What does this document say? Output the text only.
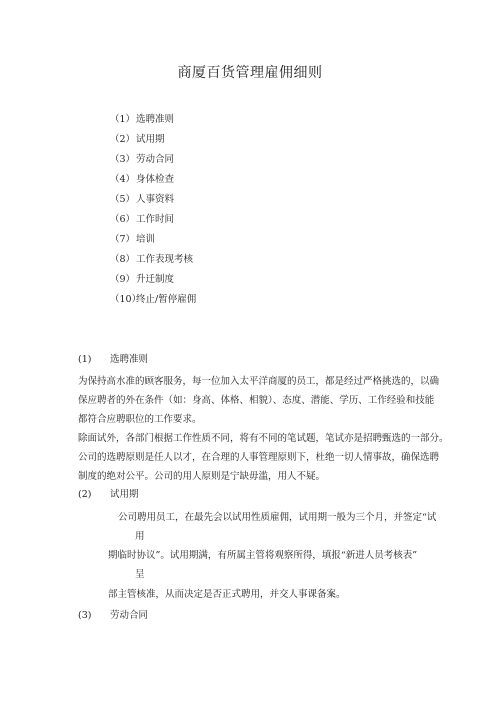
商厦百货管理雇佣细则
（1）选聘准则
（2）试用期
（3）劳动合同
（4）身体检查
（5）人事资料
（6）工作时间
（7）培训
（8）工作表现考核
（9）升迁制度
（10）终止/暂停雇佣
(1) 选聘准则
为保持高水准的顾客服务，每一位加入太平洋商厦的员工，都是经过严格挑选的，以确
保应聘者的外在条件（如：身高、体格、相貌）、态度、潜能、学历、工作经验和技能
都符合应聘职位的工作要求。
除面试外，各部门根据工作性质不同，将有不同的笔试题，笔试亦是招聘甄选的一部分。
公司的选聘原则是任人以才，在合理的人事管理原则下，杜绝一切人情事故，确保选聘
制度的绝对公平。公司的用人原则是宁缺毋滥，用人不疑。
(2) 试用期
公司聘用员工，在最先会以试用性质雇佣，试用期一般为三个月，并签定“试
用
期临时协议”。试用期满，有所属主管将观察所得，填报“新进人员考核表”
呈
部主管核准，从而决定是否正式聘用，并交人事课备案。
(3) 劳动合同
